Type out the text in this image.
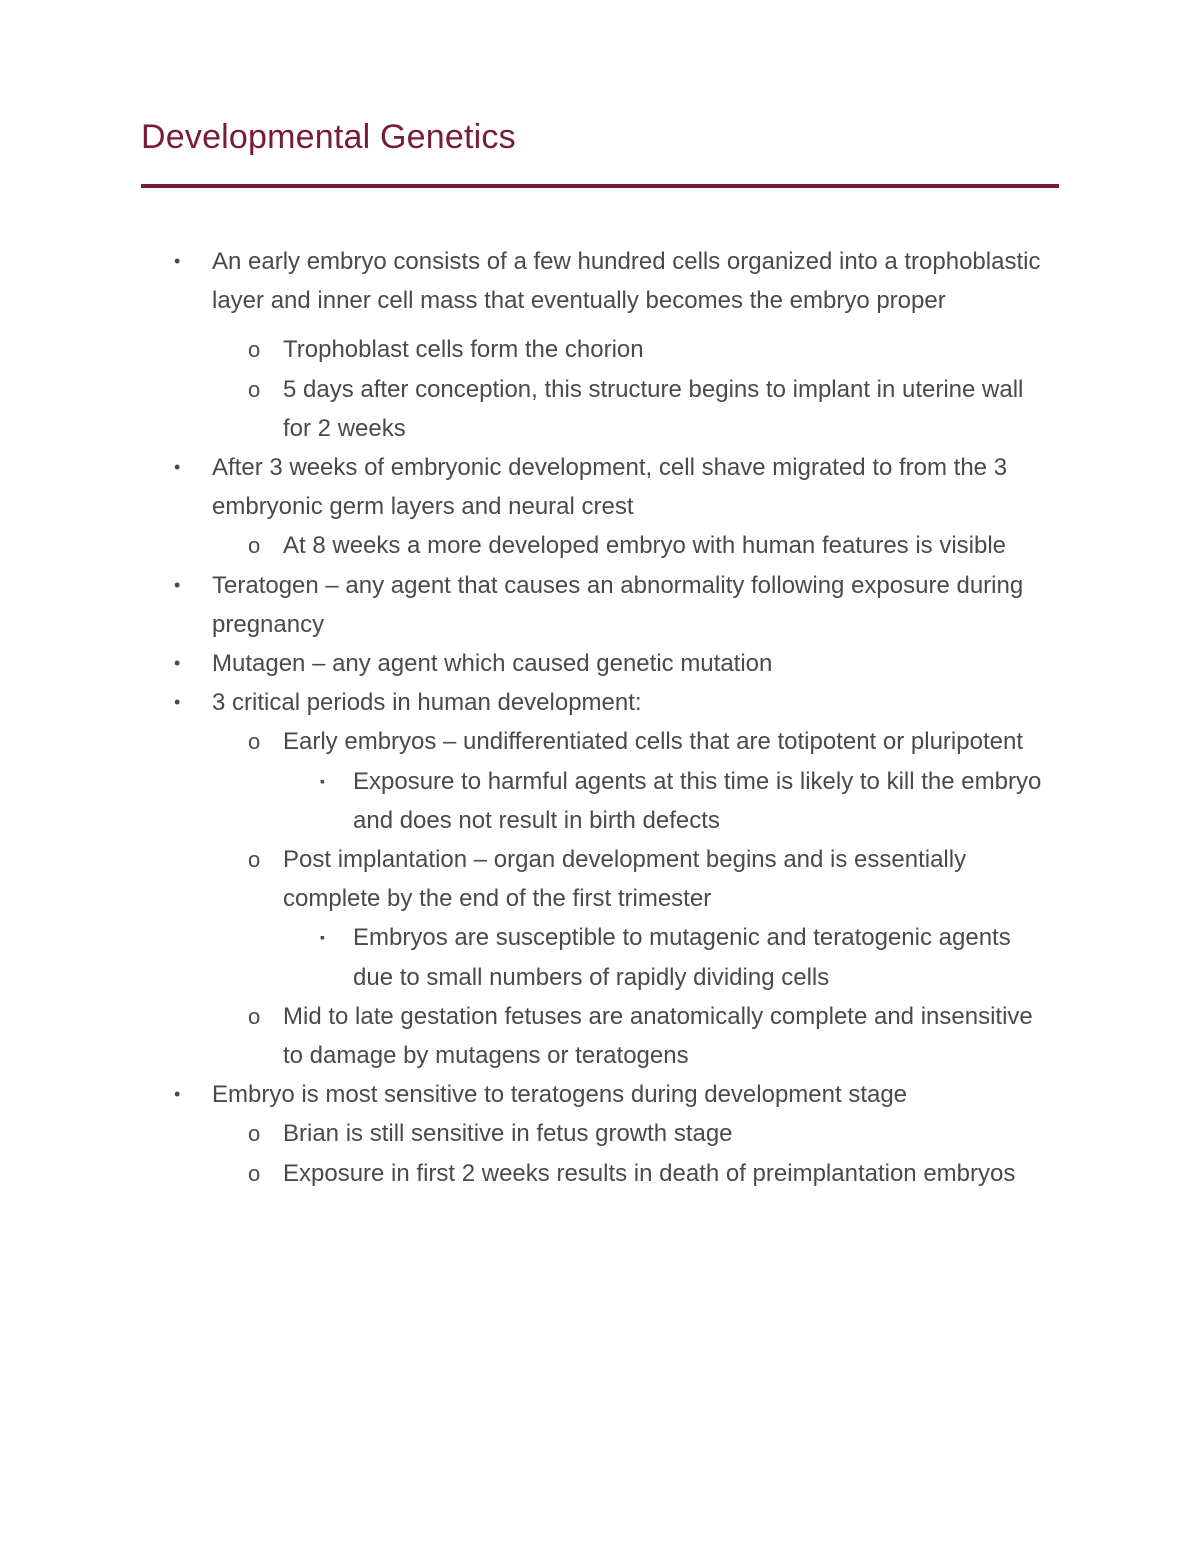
Developmental Genetics
• An early embryo consists of a few hundred cells organized into a trophoblastic layer and inner cell mass that eventually becomes the embryo proper
o Trophoblast cells form the chorion
o 5 days after conception, this structure begins to implant in uterine wall for 2 weeks
• After 3 weeks of embryonic development, cell shave migrated to from the 3 embryonic germ layers and neural crest
o At 8 weeks a more developed embryo with human features is visible
• Teratogen – any agent that causes an abnormality following exposure during pregnancy
• Mutagen – any agent which caused genetic mutation
• 3 critical periods in human development:
o Early embryos – undifferentiated cells that are totipotent or pluripotent
▪ Exposure to harmful agents at this time is likely to kill the embryo and does not result in birth defects
o Post implantation – organ development begins and is essentially complete by the end of the first trimester
▪ Embryos are susceptible to mutagenic and teratogenic agents due to small numbers of rapidly dividing cells
o Mid to late gestation fetuses are anatomically complete and insensitive to damage by mutagens or teratogens
• Embryo is most sensitive to teratogens during development stage
o Brian is still sensitive in fetus growth stage
o Exposure in first 2 weeks results in death of preimplantation embryos
